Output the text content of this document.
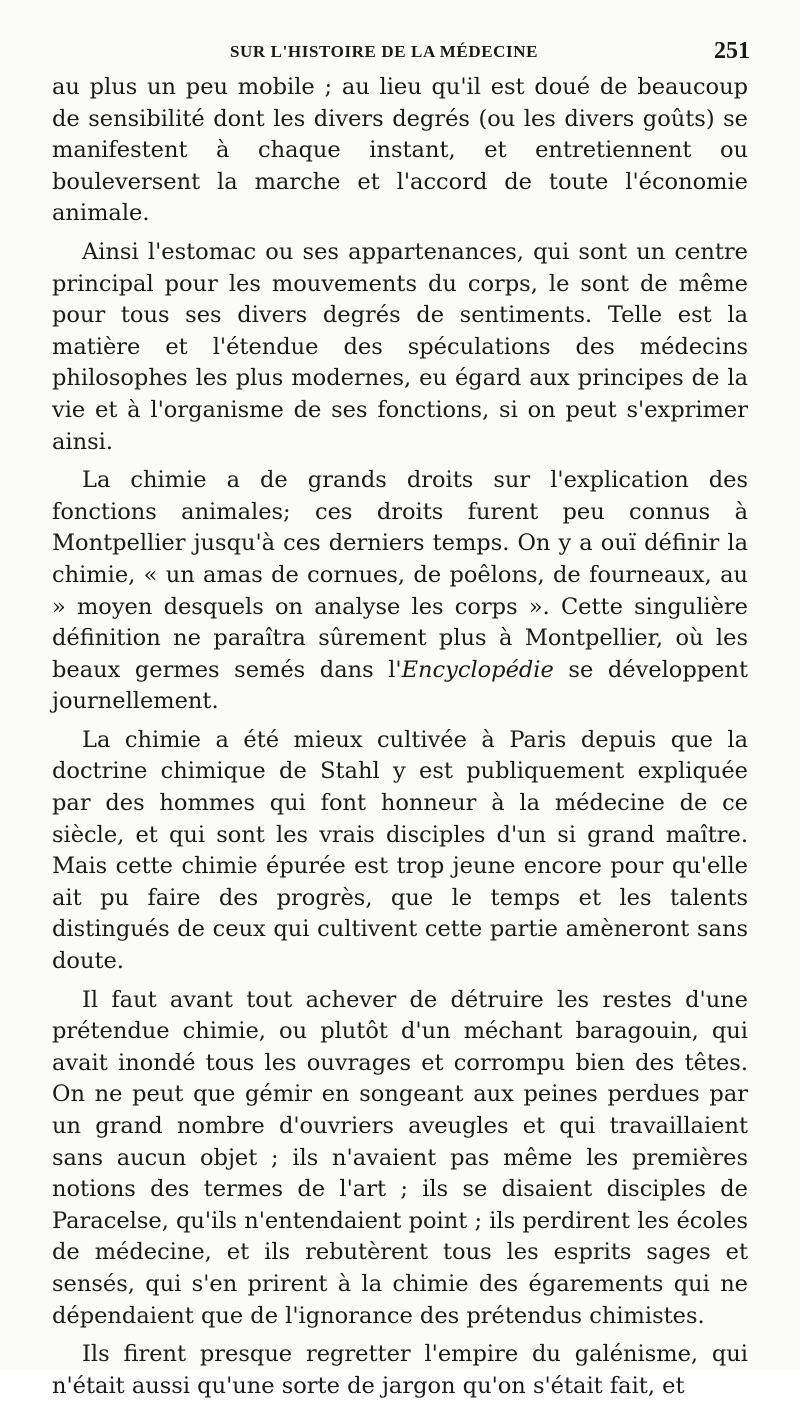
SUR L'HISTOIRE DE LA MÉDECINE	251

au plus un peu mobile ; au lieu qu'il est doué de beaucoup de sensibilité dont les divers degrés (ou les divers goûts) se manifestent à chaque instant, et entretiennent ou bouleversent la marche et l'accord de toute l'économie animale.

Ainsi l'estomac ou ses appartenances, qui sont un centre principal pour les mouvements du corps, le sont de même pour tous ses divers degrés de sentiments. Telle est la matière et l'étendue des spéculations des médecins philosophes les plus modernes, eu égard aux principes de la vie et à l'organisme de ses fonctions, si on peut s'exprimer ainsi.

La chimie a de grands droits sur l'explication des fonctions animales; ces droits furent peu connus à Montpellier jusqu'à ces derniers temps. On y a ouï définir la chimie, « un amas de cornues, de poêlons, de fourneaux, au » moyen desquels on analyse les corps ». Cette singulière définition ne paraîtra sûrement plus à Montpellier, où les beaux germes semés dans l'Encyclopédie se développent journellement.

La chimie a été mieux cultivée à Paris depuis que la doctrine chimique de Stahl y est publiquement expliquée par des hommes qui font honneur à la médecine de ce siècle, et qui sont les vrais disciples d'un si grand maître. Mais cette chimie épurée est trop jeune encore pour qu'elle ait pu faire des progrès, que le temps et les talents distingués de ceux qui cultivent cette partie amèneront sans doute.

Il faut avant tout achever de détruire les restes d'une prétendue chimie, ou plutôt d'un méchant baragouin, qui avait inondé tous les ouvrages et corrompu bien des têtes. On ne peut que gémir en songeant aux peines perdues par un grand nombre d'ouvriers aveugles et qui travaillaient sans aucun objet ; ils n'avaient pas même les premières notions des termes de l'art ; ils se disaient disciples de Paracelse, qu'ils n'entendaient point ; ils perdirent les écoles de médecine, et ils rebutèrent tous les esprits sages et sensés, qui s'en prirent à la chimie des égarements qui ne dépendaient que de l'ignorance des prétendus chimistes.

Ils firent presque regretter l'empire du galénisme, qui n'était aussi qu'une sorte de jargon qu'on s'était fait, et
